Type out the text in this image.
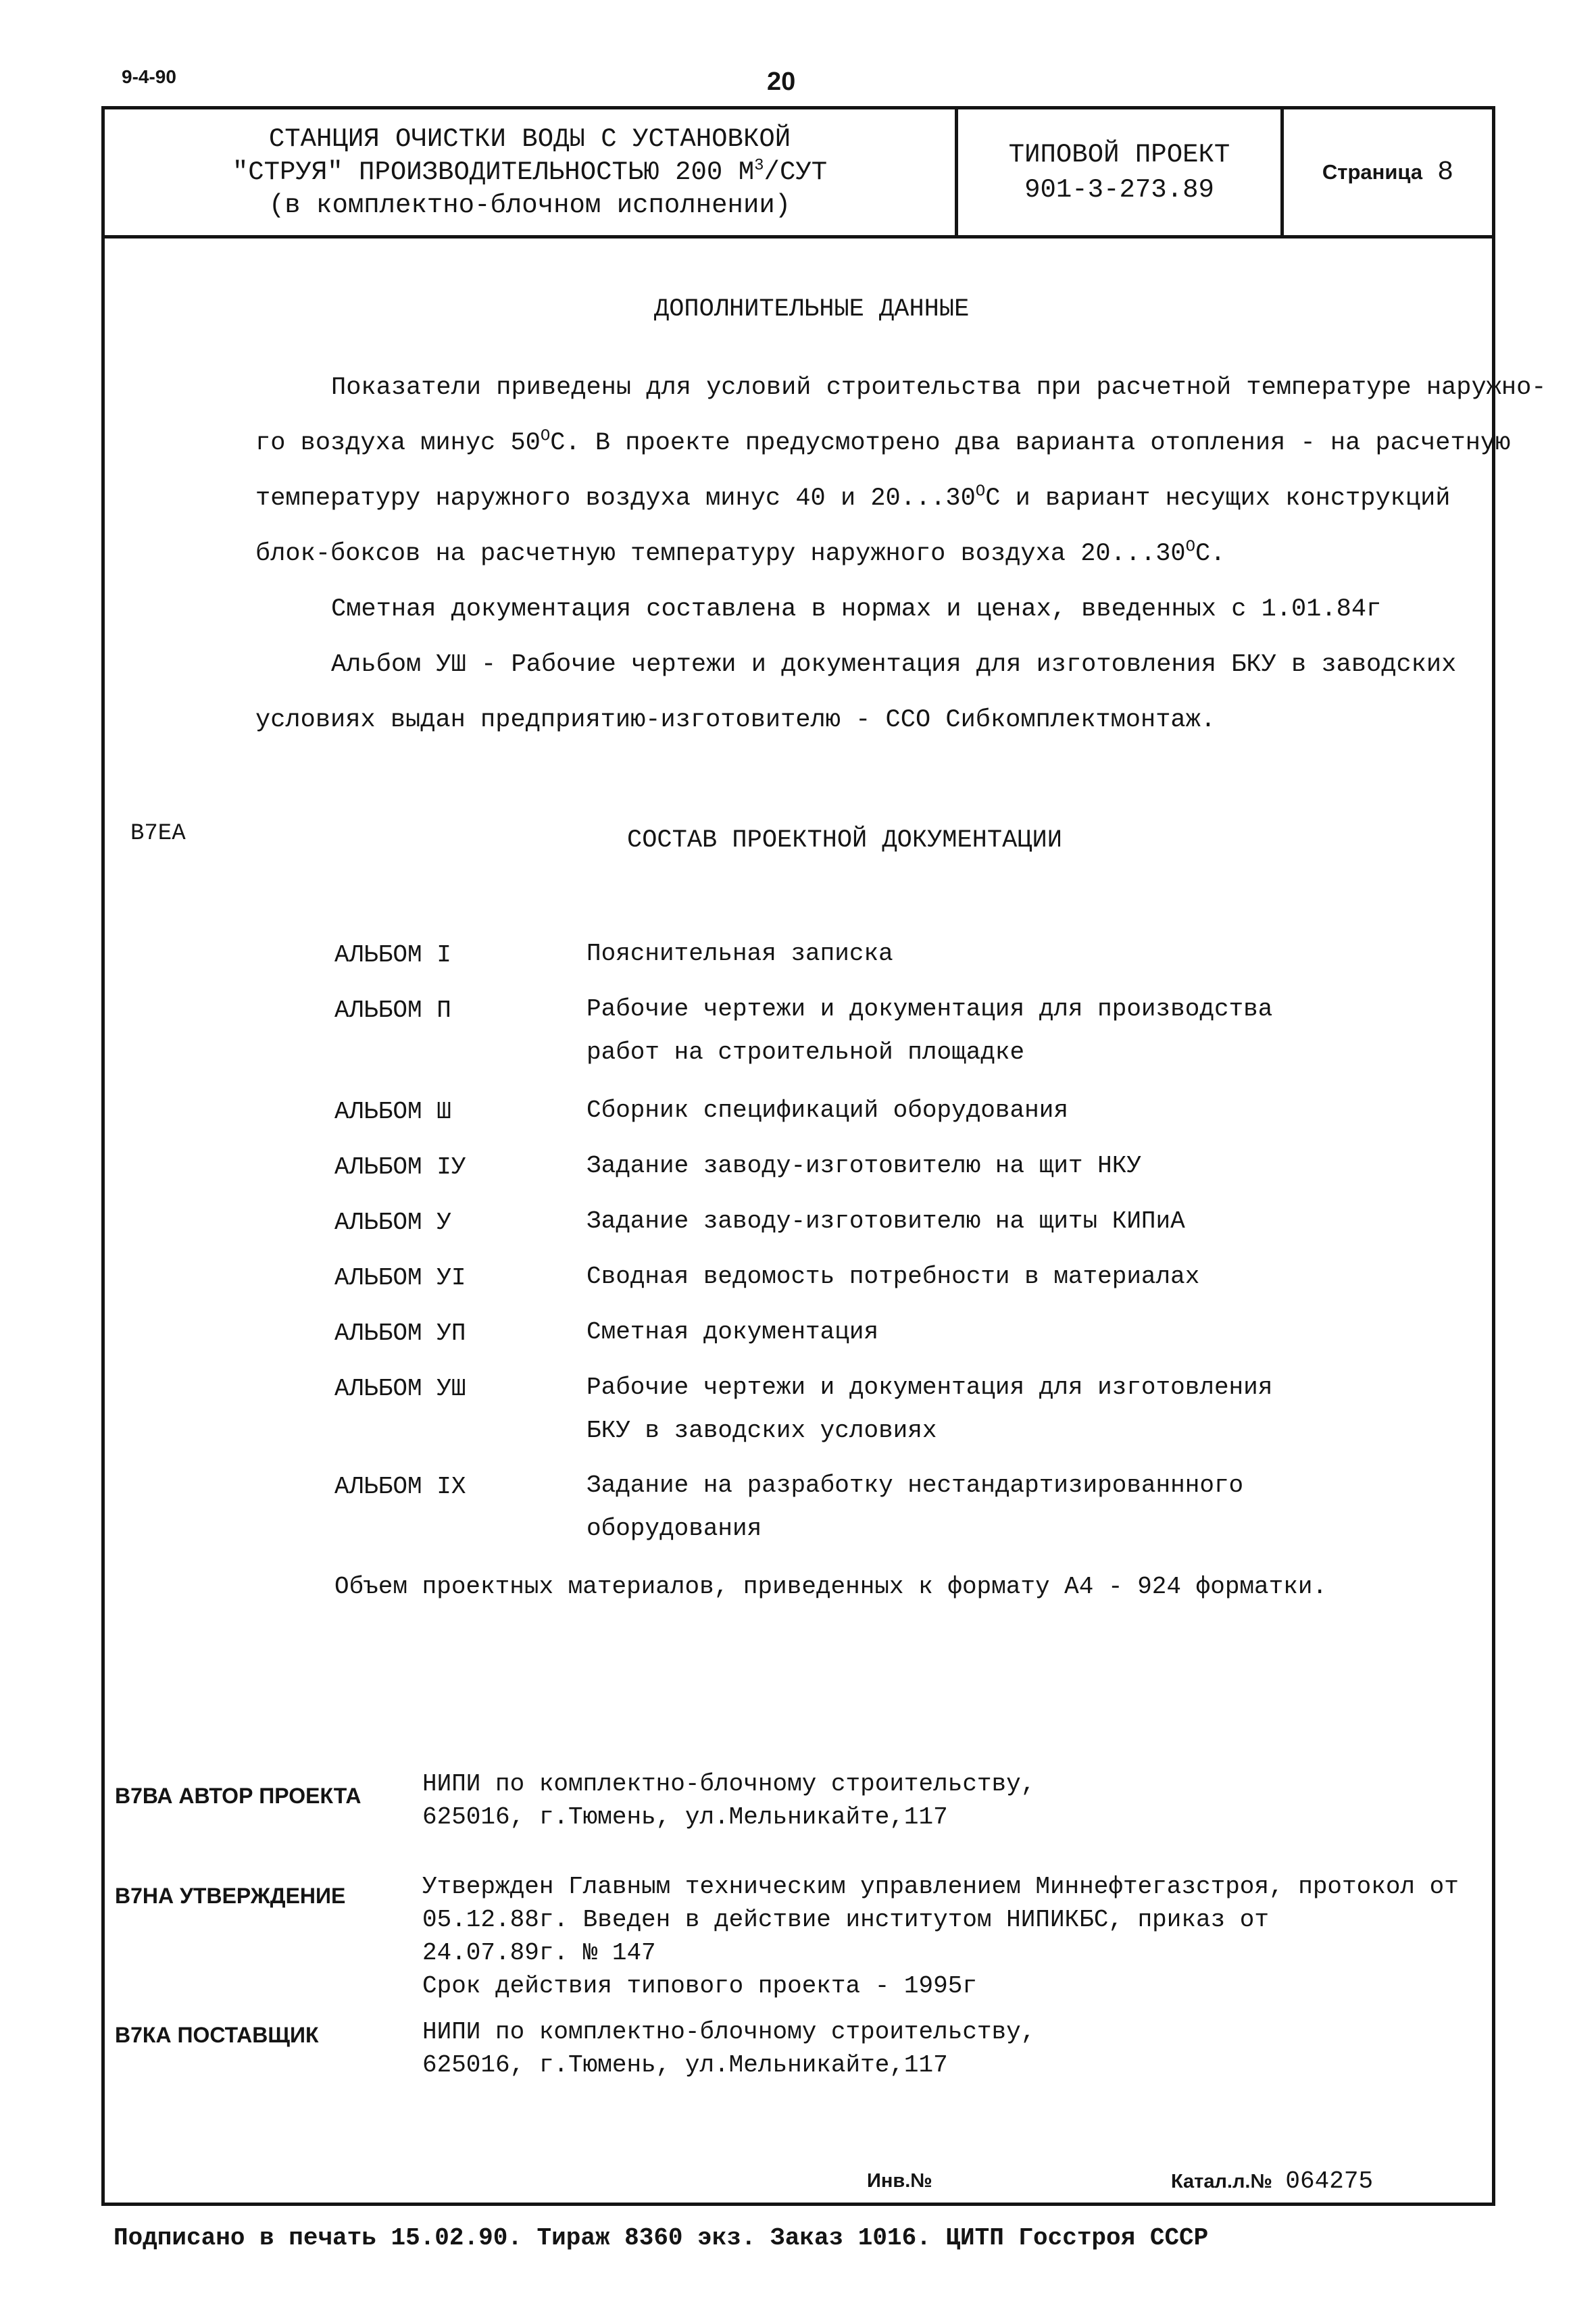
9-4-90	20
СТАНЦИЯ ОЧИСТКИ ВОДЫ С УСТАНОВКОЙ
"СТРУЯ" ПРОИЗВОДИТЕЛЬНОСТЬЮ 200 $М^3$/СУТ
(в комплектно-блочном исполнении)
ТИПОВОЙ ПРОЕКТ
901-3-273.89
Страница 8
ДОПОЛНИТЕЛЬНЫЕ ДАННЫЕ
Показатели приведены для условий строительства при расчетной температуре наружно-
го воздуха минус $50^OС$. В проекте предусмотрено два варианта отопления - на расчетную
температуру наружного воздуха минус 40 и $20...30^OС$ и вариант несущих конструкций
блок-боксов на расчетную температуру наружного воздуха $20...30^OС$.
Сметная документация составлена в нормах и ценах, введенных с 1.01.84г
Альбом УШ - Рабочие чертежи и документация для изготовления БКУ в заводских
условиях выдан предприятию-изготовителю - ССО Сибкомплектмонтаж.
В7ЕА	СОСТАВ ПРОЕКТНОЙ ДОКУМЕНТАЦИИ
АЛЬБОМ I	Пояснительная записка
АЛЬБОМ П	Рабочие чертежи и документация для производства
работ на строительной площадке
АЛЬБОМ Ш	Сборник спецификаций оборудования
АЛЬБОМ IУ	Задание заводу-изготовителю на щит НКУ
АЛЬБОМ У	Задание заводу-изготовителю на щиты КИПиА
АЛЬБОМ УI	Сводная ведомость потребности в материалах
АЛЬБОМ УП	Сметная документация
АЛЬБОМ УШ	Рабочие чертежи и документация для изготовления
БКУ в заводских условиях
АЛЬБОМ IX	Задание на разработку нестандартизированнного
оборудования
Объем проектных материалов, приведенных к формату А4 - 924 форматки.
В7ВА АВТОР ПРОЕКТА	НИПИ по комплектно-блочному строительству,
625016, г.Тюмень, ул.Мельникайте,117
В7НА УТВЕРЖДЕНИЕ	Утвержден Главным техническим управлением Миннефтегазстроя, протокол от
05.12.88г. Введен в действие институтом НИПИКБС, приказ от
24.07.89г. № 147
Срок действия типового проекта - 1995г
В7КА ПОСТАВЩИК	НИПИ по комплектно-блочному строительству,
625016, г.Тюмень, ул.Мельникайте,117
Инв.№	Катал.л.№ 064275
Подписано в печать 15.02.90. Тираж 8360 экз. Заказ 1016. ЦИТП Госстроя СССР
